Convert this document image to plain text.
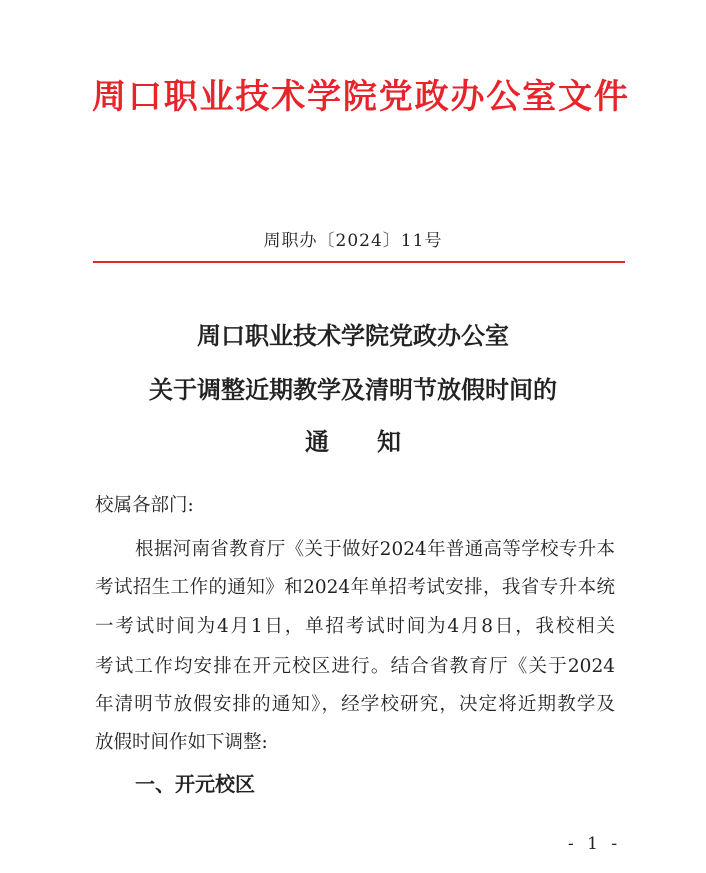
周 口 职 业 技 术 学 院 党 政 办 公 室 文 件
周职办〔2024〕11号
周口职业技术学院党政办公室
关于调整近期教学及清明节放假时间的
通　　知
校属各部门:
根据河南省教育厅《关于做好2024年普通高等学校专升本
考试招生工作的通知》和2024年单招考试安排，我省专升本统
一考试时间为4月1日，单招考试时间为4月8日，我校相关
考试工作均安排在开元校区进行。结合省教育厅《关于2024
年清明节放假安排的通知》，经学校研究，决定将近期教学及
放假时间作如下调整:
一、开元校区
- 1 -
